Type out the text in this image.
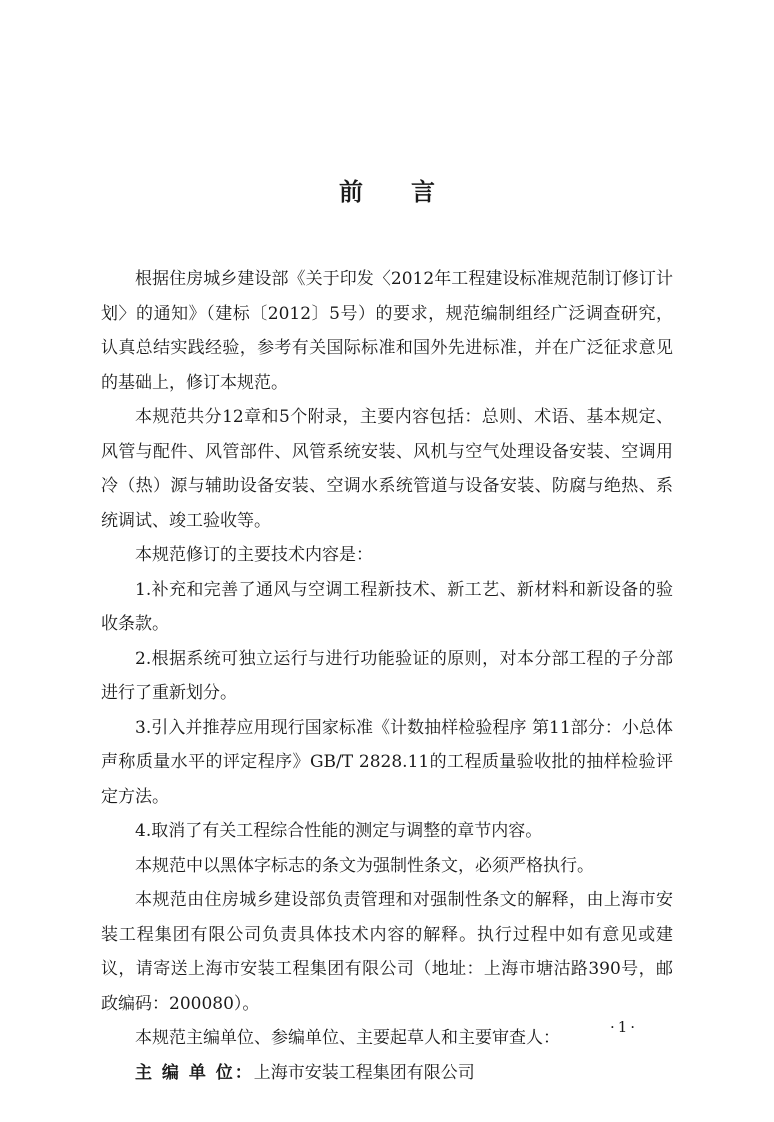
前 言

根据住房城乡建设部《关于印发〈2012年工程建设标准规范制订修订计划〉的通知》（建标〔2012〕5号）的要求，规范编制组经广泛调查研究，认真总结实践经验，参考有关国际标准和国外先进标准，并在广泛征求意见的基础上，修订本规范。

本规范共分12章和5个附录，主要内容包括：总则、术语、基本规定、风管与配件、风管部件、风管系统安装、风机与空气处理设备安装、空调用冷（热）源与辅助设备安装、空调水系统管道与设备安装、防腐与绝热、系统调试、竣工验收等。

本规范修订的主要技术内容是：

1.补充和完善了通风与空调工程新技术、新工艺、新材料和新设备的验收条款。

2.根据系统可独立运行与进行功能验证的原则，对本分部工程的子分部进行了重新划分。

3.引入并推荐应用现行国家标准《计数抽样检验程序 第11部分：小总体声称质量水平的评定程序》GB/T 2828.11的工程质量验收批的抽样检验评定方法。

4.取消了有关工程综合性能的测定与调整的章节内容。

本规范中以黑体字标志的条文为强制性条文，必须严格执行。

本规范由住房城乡建设部负责管理和对强制性条文的解释，由上海市安装工程集团有限公司负责具体技术内容的解释。执行过程中如有意见或建议，请寄送上海市安装工程集团有限公司（地址：上海市塘沽路390号，邮政编码：200080）。

本规范主编单位、参编单位、主要起草人和主要审查人：

主 编 单 位：上海市安装工程集团有限公司

·1·
